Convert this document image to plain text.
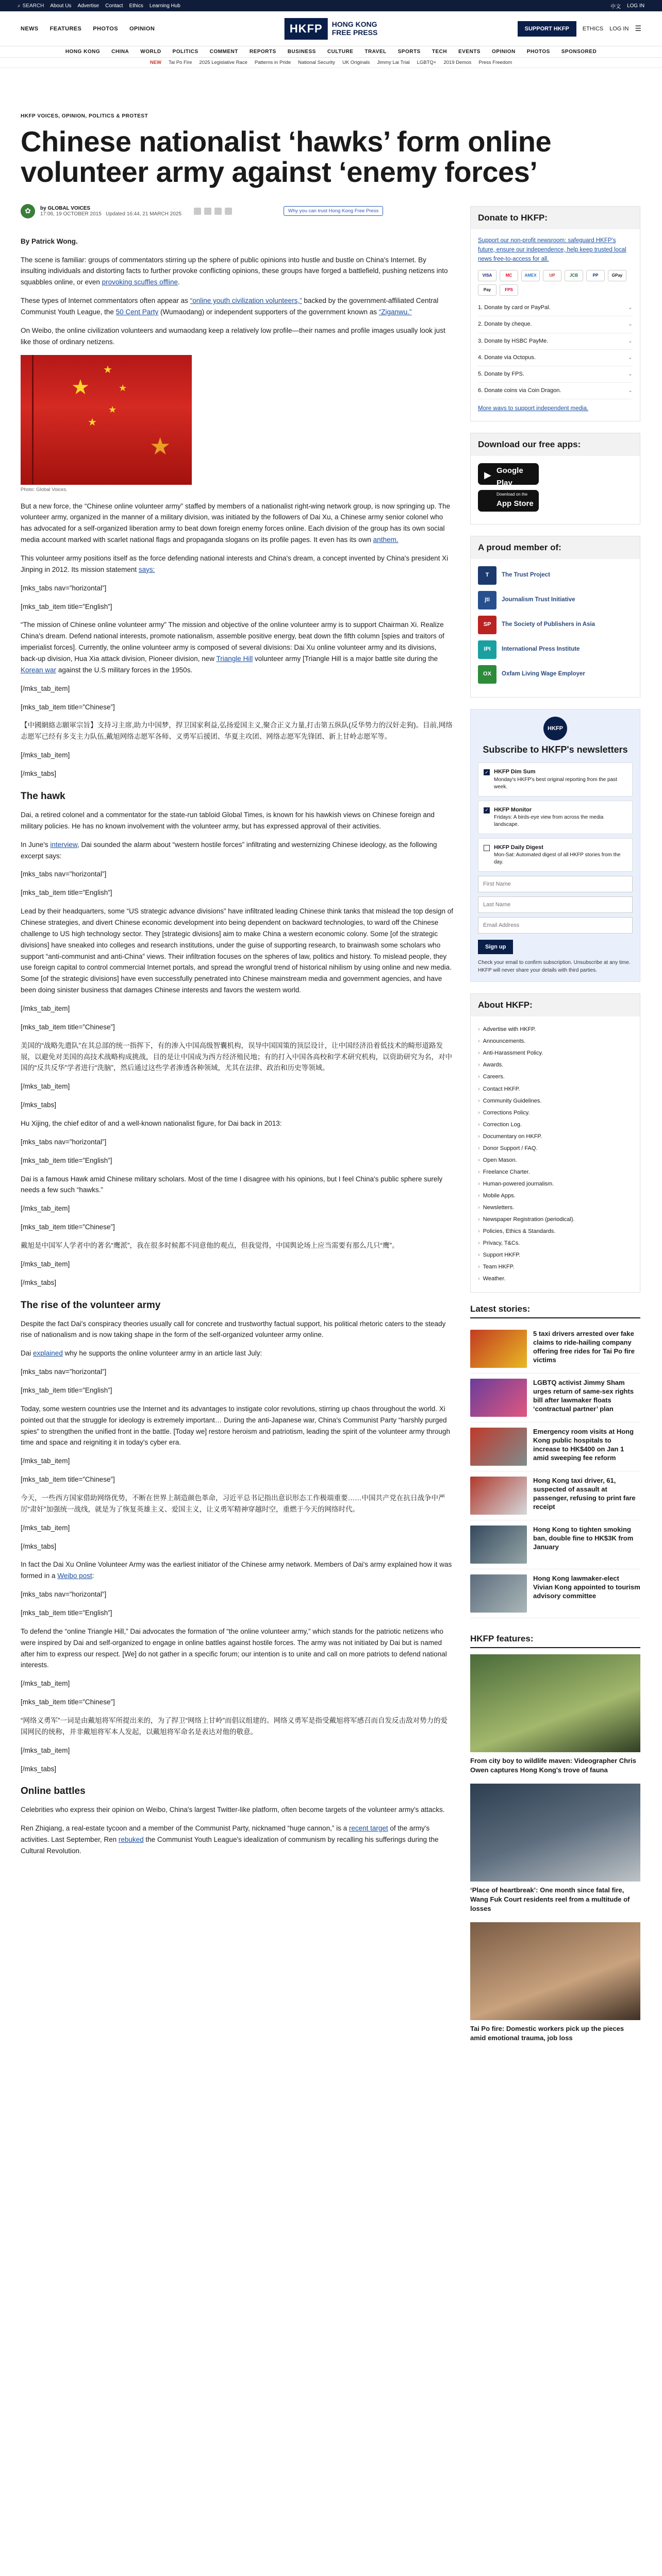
⌕ SEARCH About Us Advertise Contact Ethics Learning Hub	中文 LOG IN
NEWS FEATURES PHOTOS OPINION	HKFP	HONG KONG
FREE PRESS	SUPPORT HKFP	ETHICS LOG IN ☰
HONG KONG CHINA WORLD POLITICS COMMENT REPORTS BUSINESS CULTURE TRAVEL SPORTS TECH EVENTS OPINION PHOTOS SPONSORED
NEW Tai Po Fire 2025 Legislative Race Patterns in Pride National Security UK Originals Jimmy Lai Trial LGBTQ+ 2019 Demos Press Freedom
HKFP VOICES, OPINION, POLITICS & PROTEST
Chinese nationalist ‘hawks’ form online volunteer army against ‘enemy forces’
✿	by GLOBAL VOICES
17:06, 19 OCTOBER 2015 Updated 16:44, 21 MARCH 2025	Why you can trust Hong Kong Free Press

By Patrick Wong.

The scene is familiar: groups of commentators stirring up the sphere of public opinions into hustle and bustle on China's Internet. By insulting individuals and distorting facts to further provoke conflicting opinions, these groups have forged a battlefield, pushing netizens into squabbles online, or even provoking scuffles offline.

These types of Internet commentators often appear as “online youth civilization volunteers,” backed by the government-affiliated Central Communist Youth League, the 50 Cent Party (Wumaodang) or independent supporters of the government known as “Ziganwu.”

On Weibo, the online civilization volunteers and wumaodang keep a relatively low profile—their names and profile images usually look just like those of ordinary netizens.

★
★
★
★
★
★
Photo: Global Voices.

But a new force, the “Chinese online volunteer army” staffed by members of a nationalist right-wing network group, is now springing up. The volunteer army, organized in the manner of a military division, was initiated by the followers of Dai Xu, a Chinese army senior colonel who has advocated for a self-organized liberation army to beat down foreign enemy forces online. Each division of the group has its own social media account marked with scarlet national flags and propaganda slogans on its profile pages. It even has its own anthem.

This volunteer army positions itself as the force defending national interests and China's dream, a concept invented by China's president Xi Jinping in 2012. Its mission statement says:

[mks_tabs nav=”horizontal”]

[mks_tab_item title=”English”]

“The mission of Chinese online volunteer army” The mission and objective of the online volunteer army is to support Chairman Xi. Realize China's dream. Defend national interests, promote nationalism, assemble positive energy, beat down the fifth column [spies and traitors of imperialist forces]. Currently, the online volunteer army is composed of several divisions: Dai Xu online volunteer army and its divisions, back-up division, Hua Xia attack division, Pioneer division, new Triangle Hill volunteer army [Triangle Hill is a major battle site during the Korean war against the U.S military forces in the 1950s.

[/mks_tab_item]

[mks_tab_item title=”Chinese”]

【中國網絡志願軍宗旨】支持习主席,助力中国梦，捍卫国家利益,弘扬爱国主义,聚合正义力量,打击第五纵队(反华势力的汉奸走狗)。目前,网络志愿军已经有多支主力队伍,戴旭网络志愿军各师、义勇军后援团、华夏主攻团、网络志愿军先锋团、新上甘岭志愿军等。

[/mks_tab_item]

[/mks_tabs]

The hawk

Dai, a retired colonel and a commentator for the state-run tabloid Global Times, is known for his hawkish views on Chinese foreign and military policies. He has no known involvement with the volunteer army, but has expressed approval of their activities.

In June's interview, Dai sounded the alarm about “western hostile forces” infiltrating and westernizing Chinese ideology, as the following excerpt says:

[mks_tabs nav=”horizontal”]

[mks_tab_item title=”English”]

Lead by their headquarters, some “US strategic advance divisions” have infiltrated leading Chinese think tanks that mislead the top design of Chinese strategies, and divert Chinese economic development into being dependent on backward technologies, to ward off the Chinese challenge to US high technology sector. They [strategic divisions] aim to make China a western economic colony. Some [of the strategic divisions] have sneaked into colleges and research institutions, under the guise of supporting research, to brainwash some scholars who support “anti-communist and anti-China” views. Their infiltration focuses on the spheres of law, politics and history. To mislead people, they use foreign capital to control commercial Internet portals, and spread the wrongful trend of historical nihilism by using online and new media. Some [of the strategic divisions] have even successfully penetrated into Chinese mainstream media and government agencies, and have been doing sinister business that damages Chinese interests and favors the western world.

[/mks_tab_item]

[mks_tab_item title=”Chinese”]

美国的“战略先遣队”在其总部的统一指挥下，有的渗入中国高级智囊机构，误导中国国策的顶层设计，让中国经济沿着低技术的畸形道路发展，以避免对美国的高技术战略构成挑战，目的是让中国成为西方经济殖民地；有的打入中国各高校和学术研究机构，以资助研究为名，对中国的“反共反华”学者进行“洗脑”，然后通过这些学者渗透各种领域，尤其在法律、政治和历史等领域。

[/mks_tab_item]

[/mks_tabs]

Hu Xijing, the chief editor of and a well-known nationalist figure, for Dai back in 2013:

[mks_tabs nav=”horizontal”]

[mks_tab_item title=”English”]

Dai is a famous Hawk amid Chinese military scholars. Most of the time I disagree with his opinions, but I feel China's public sphere surely needs a few such “hawks.”

[/mks_tab_item]

[mks_tab_item title=”Chinese”]

戴旭是中国军人学者中的著名“鹰派”，我在很多时候都不同意他的观点，但我觉得，中国舆论场上应当需要有那么几只“鹰”。

[/mks_tab_item]

[/mks_tabs]

The rise of the volunteer army

Despite the fact Dai's conspiracy theories usually call for concrete and trustworthy factual support, his political rhetoric caters to the steady rise of nationalism and is now taking shape in the form of the self-organized volunteer army online.

Dai explained why he supports the online volunteer army in an article last July:

[mks_tabs nav=”horizontal”]

[mks_tab_item title=”English”]

Today, some western countries use the Internet and its advantages to instigate color revolutions, stirring up chaos throughout the world. Xi pointed out that the struggle for ideology is extremely important… During the anti-Japanese war, China's Communist Party “harshly purged spies” to strengthen the unified front in the battle. [Today we] restore heroism and patriotism, leading the spirit of the volunteer army through time and space and reigniting it in today's cyber era.

[/mks_tab_item]

[mks_tab_item title=”Chinese”]

今天，一些西方国家借助网络优势，不断在世界上制造颜色革命，习近平总书记指出意识形态工作极端重要……中国共产党在抗日战争中严厉“肃奸”加强统一战线，就是为了恢复英雄主义、爱国主义，让义勇军精神穿越时空，重燃于今天的网络时代。

[/mks_tab_item]

[/mks_tabs]

In fact the Dai Xu Online Volunteer Army was the earliest initiator of the Chinese army network. Members of Dai's army explained how it was formed in a Weibo post:

[mks_tabs nav=”horizontal”]

[mks_tab_item title=”English”]

To defend the “online Triangle Hill,” Dai advocates the formation of “the online volunteer army,” which stands for the patriotic netizens who were inspired by Dai and self-organized to engage in online battles against hostile forces. The army was not initiated by Dai but is named after him to express our respect. [We] do not gather in a specific forum; our intention is to unite and call on more patriots to defend national interests.

[/mks_tab_item]

[mks_tab_item title=”Chinese”]

“网络义勇军”一词是由戴旭将军所提出来的，为了捍卫“网络上甘岭”而倡议组建的。网络义勇军是指受戴旭将军感召而自发反击敌对势力的爱国网民的统称，并非戴旭将军本人发起，以戴旭将军命名是表达对他的敬意。

[/mks_tab_item]

[/mks_tabs]

Online battles

Celebrities who express their opinion on Weibo, China's largest Twitter-like platform, often become targets of the volunteer army's attacks.

Ren Zhiqiang, a real-estate tycoon and a member of the Communist Party, nicknamed “huge cannon,” is a recent target of the army's activities. Last September, Ren rebuked the Communist Youth League's idealization of communism by recalling his sufferings during the Cultural Revolution.

Donate to HKFP:
Support our non-profit newsroom: safeguard HKFP's future, ensure our independence, help keep trusted local news free-to-access for all.
VISA	MC	AMEX	UP	JCB	PP	GPay
Pay	FPS
1. Donate by card or PayPal.	⌄
2. Donate by cheque.	⌄
3. Donate by HSBC PayMe.	⌄
4. Donate via Octopus.	⌄
5. Donate by FPS.	⌄
6. Donate coins via Coin Dragon.	⌄
More ways to support independent media.
Download our free apps:
▶
GET IT ON
Google Play
Download on the
App Store
A proud member of:
T	The Trust Project
jti	Journalism Trust Initiative
SP	The Society of Publishers in Asia
IPI	International Press Institute
OX	Oxfam Living Wage Employer
HKFP
Subscribe to HKFP's newsletters
✓ HKFP Dim Sum
Monday's HKFP's best original reporting from the past week.
✓ HKFP Monitor
Fridays: A birds-eye view from across the media landscape.
HKFP Daily Digest
Mon-Sat: Automated digest of all HKFP stories from the day.
First Name Last Name Email Address Sign up
Check your email to confirm subscription. Unsubscribe at any time. HKFP will never share your details with third parties.
About HKFP:
› Advertise with HKFP.
› Announcements.
› Anti-Harassment Policy.
› Awards.
› Careers.
› Contact HKFP.
› Community Guidelines.
› Corrections Policy.
› Correction Log.
› Documentary on HKFP.
› Donor Support / FAQ.
› Open Mason.
› Freelance Charter.
› Human-powered journalism.
› Mobile Apps.
› Newsletters.
› Newspaper Registration (periodical).
› Policies, Ethics & Standards.
› Privacy, T&Cs.
› Support HKFP.
› Team HKFP.
› Weather.
Latest stories:
5 taxi drivers arrested over fake claims to ride-hailing company offering free rides for Tai Po fire victims
LGBTQ activist Jimmy Sham urges return of same-sex rights bill after lawmaker floats ‘contractual partner’ plan
Emergency room visits at Hong Kong public hospitals to increase to HK$400 on Jan 1 amid sweeping fee reform
Hong Kong taxi driver, 61, suspected of assault at passenger, refusing to print fare receipt
Hong Kong to tighten smoking ban, double fine to HK$3K from January
Hong Kong lawmaker-elect Vivian Kong appointed to tourism advisory committee
HKFP features:
From city boy to wildlife maven: Videographer Chris Owen captures Hong Kong's trove of fauna
‘Place of heartbreak’: One month since fatal fire, Wang Fuk Court residents reel from a multitude of losses
Tai Po fire: Domestic workers pick up the pieces amid emotional trauma, job loss
